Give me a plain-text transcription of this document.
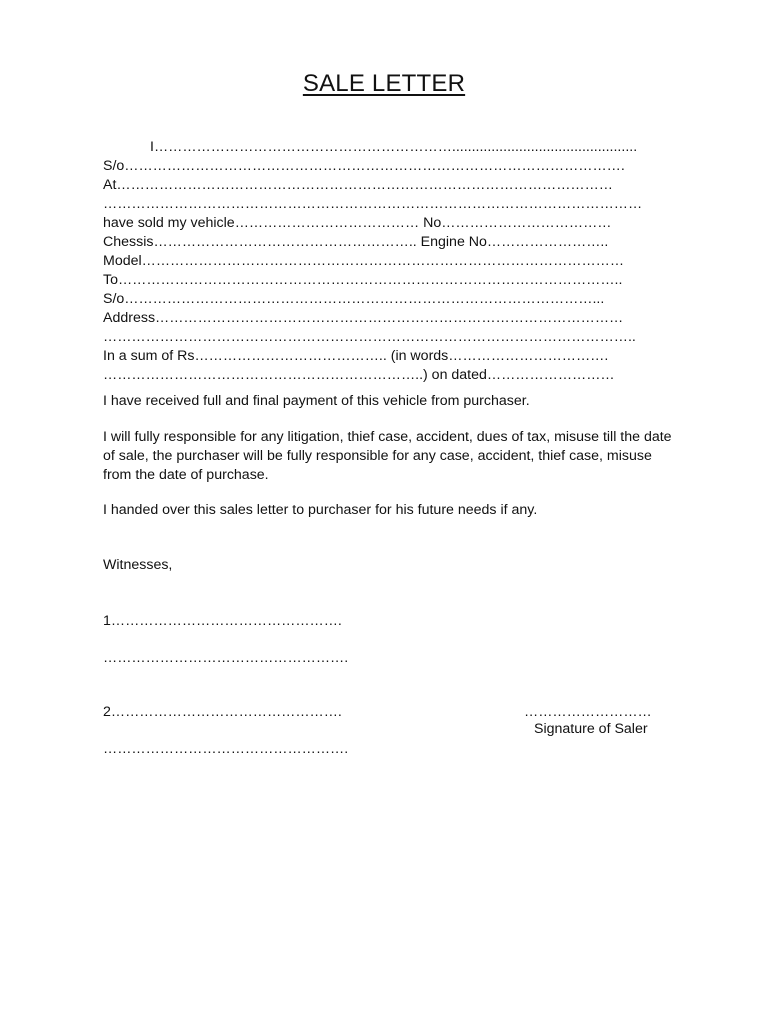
SALE LETTER
I………………………………………………………...............................................
S/o…………………………………………………………………………………………….
At……………………………………………………………………………………………
……………………………………………………………………………………………………
have sold my vehicle………………………………… No………………………………
Chessis……………………………………………….. Engine No……………………..
Model…………………………………………………………………………………………
To……………………………………………………………………………………………..
S/o………………………………………………………………………………………...
Address………………………………………………………………………………………
…………………………………………………………………………………………………..
In a sum of Rs………………………………….. (in words…………………………….
…………………………………………………………..) on dated………………………

I have received full and final payment of this vehicle from purchaser.

I will fully responsible for any litigation, thief case, accident, dues of tax, misuse till the date of sale, the purchaser will be fully responsible for any case, accident, thief case, misuse from the date of purchase.

I handed over this sales letter to purchaser for his future needs if any.

Witnesses,
1………………………………………….
…………………………………………….
2………………………………………….
…………………………………………….
………………………
Signature of Saler
